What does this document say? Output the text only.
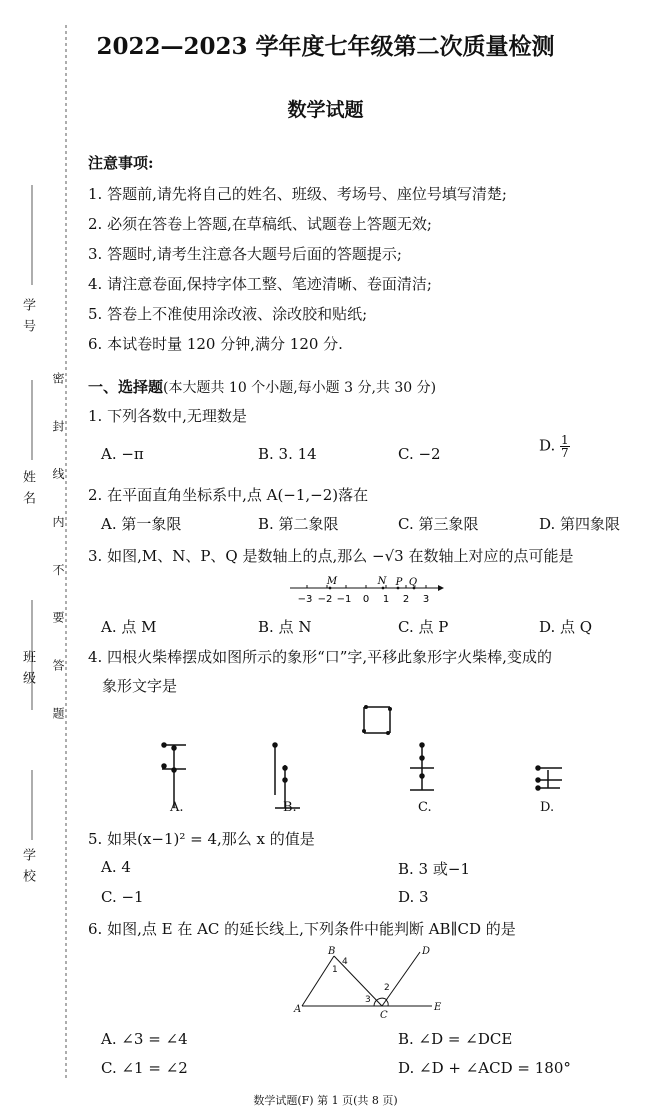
学 号
姓 名
班 级
学 校
密 封 线 内 不 要 答 题
2022—2023 学年度七年级第二次质量检测
数学试题
注意事项:
1. 答题前,请先将自己的姓名、班级、考场号、座位号填写清楚;
2. 必须在答卷上答题,在草稿纸、试题卷上答题无效;
3. 答题时,请考生注意各大题号后面的答题提示;
4. 请注意卷面,保持字体工整、笔迹清晰、卷面清洁;
5. 答卷上不准使用涂改液、涂改胶和贴纸;
6. 本试卷时量 120 分钟,满分 120 分.
一、选择题(本大题共 10 个小题,每小题 3 分,共 30 分)
1. 下列各数中,无理数是
A. −π	B. 3. 14	C. −2	D. $\frac{1}{7}$
2. 在平面直角坐标系中,点 A(−1,−2)落在
A. 第一象限	B. 第二象限	C. 第三象限	D. 第四象限
3. 如图,M、N、P、Q 是数轴上的点,那么 −√3 在数轴上对应的点可能是
−3 −2 −1 0 1 2 3
M	N P Q
A. 点 M	B. 点 N	C. 点 P	D. 点 Q
4. 四根火柴棒摆成如图所示的象形“口”字,平移此象形字火柴棒,变成的
象形文字是
A.	B.	C.	D.
5. 如果(x−1)² = 4,那么 x 的值是
A. 4	B. 3 或−1
C. −1	D. 3
6. 如图,点 E 在 AC 的延长线上,下列条件中能判断 AB∥CD 的是
A
B
C
D
E
1
2
3
4
A. ∠3 = ∠4	B. ∠D = ∠DCE
C. ∠1 = ∠2	D. ∠D + ∠ACD = 180°
数学试题(F) 第 1 页(共 8 页)
